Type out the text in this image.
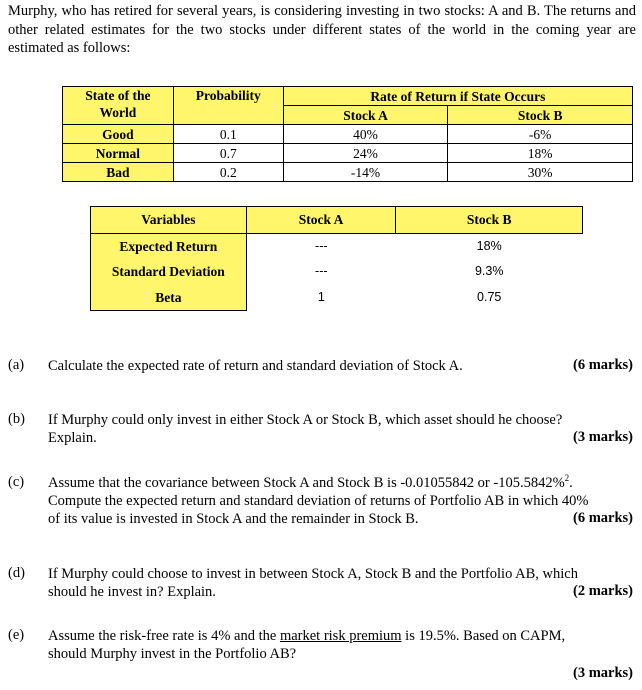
Murphy, who has retired for several years, is considering investing in two stocks: A and B. The returns and other related estimates for the two stocks under different states of the world in the coming year are estimated as follows:
State of the
World	Probability	Rate of Return if State Occurs	
		Stock A	Stock B
Good	0.1	40%	-6%
Normal	0.7	24%	18%
Bad	0.2	-14%	30%
Variables	Stock A	Stock B
Expected Return	---	18%
Standard Deviation	---	9.3%
Beta	1	0.75
(a) Calculate the expected rate of return and standard deviation of Stock A.	(6 marks)
(b) If Murphy could only invest in either Stock A or Stock B, which asset should he choose?
Explain.	(3 marks)
(c) Assume that the covariance between Stock A and Stock B is -0.01055842 or -105.5842%$^2$.
Compute the expected return and standard deviation of returns of Portfolio AB in which 40%
of its value is invested in Stock A and the remainder in Stock B.	(6 marks)
(d) If Murphy could choose to invest in between Stock A, Stock B and the Portfolio AB, which
should he invest in? Explain.	(2 marks)
(e) Assume the risk-free rate is 4% and the market risk premium is 19.5%. Based on CAPM,
should Murphy invest in the Portfolio AB?
(3 marks)
